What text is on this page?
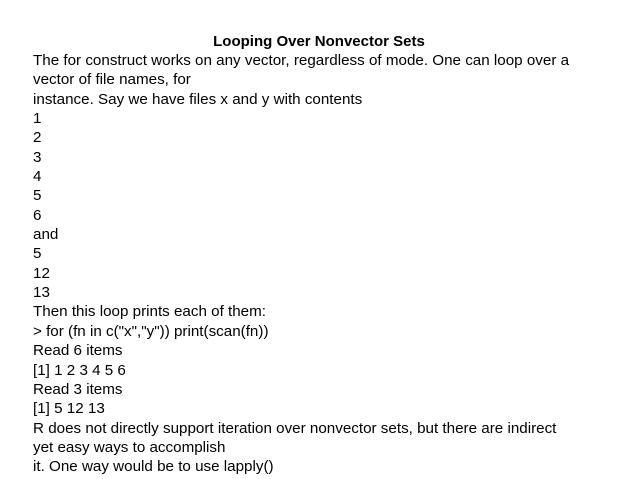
Looping Over Nonvector Sets
The for construct works on any vector, regardless of mode. One can loop over a
vector of file names, for
instance. Say we have files x and y with contents
1
2
3
4
5
6
and
5
12
13
Then this loop prints each of them:
> for (fn in c("x","y")) print(scan(fn))
Read 6 items
[1] 1 2 3 4 5 6
Read 3 items
[1] 5 12 13
R does not directly support iteration over nonvector sets, but there are indirect
yet easy ways to accomplish
it. One way would be to use lapply()
